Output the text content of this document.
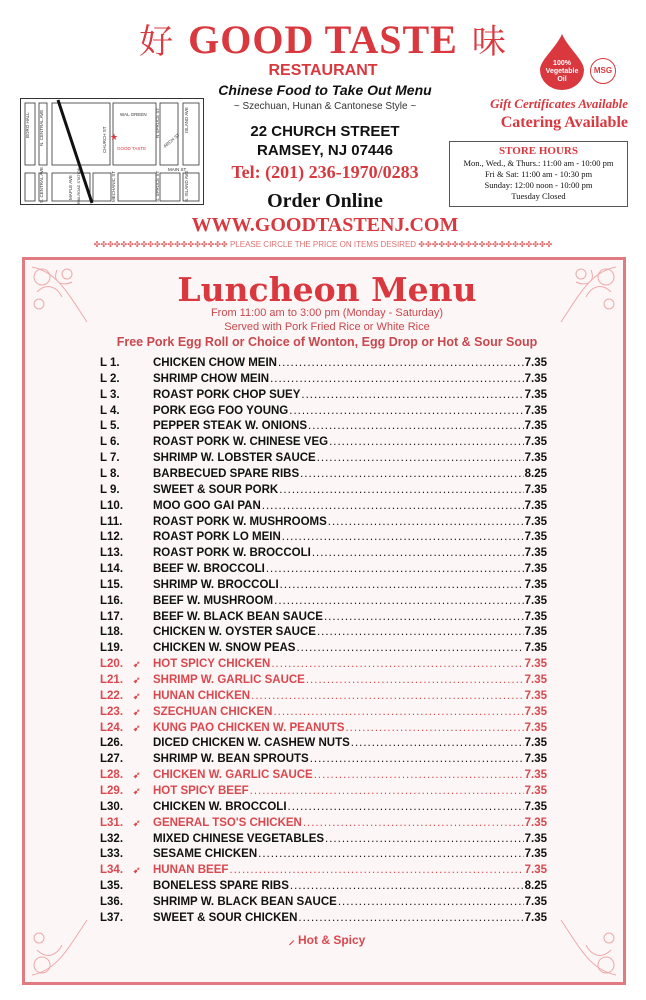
好 GOOD TASTE 味
RESTAURANT
Chinese Food to Take Out Menu
~ Szechuan, Hunan & Cantonese Style ~
22 CHURCH STREET
RAMSEY, NJ 07446
Tel: (201) 236-1970/0283
Order Online
WWW.GOODTASTENJ.COM
✤✤✤✤✤✤✤✤✤✤✤✤✤✤✤✤✤✤✤✤ PLEASE CIRCLE THE PRICE ON ITEMS DESIRED ✤✤✤✤✤✤✤✤✤✤✤✤✤✤✤✤✤✤✤✤
100% Vegetable Oil
MSG
Gift Certificates Available
Catering Available
STORE HOURS
Mon., Wed., & Thurs.: 11:00 am - 10:00 pm
Fri & Sat: 11:00 am - 10:30 pm
Sunday: 12:00 noon - 10:00 pm
Tuesday Closed
★
BORO HALL N. CENTRAL AVE
S. CENTRAL AVE	MAPLE AVE RAILROAD STATION
CHURCH ST
MECHANIC ST
WAL GREEN
GOOD TASTE
N SPRUCE ST
S. SPRUCE ST
ARCH ST
MAIN ST
ISLAND AVE
S. ISLAND AVE
Luncheon Menu
From 11:00 am to 3:00 pm (Monday - Saturday)
Served with Pork Fried Rice or White Rice
Free Pork Egg Roll or Choice of Wonton, Egg Drop or Hot & Sour Soup
L 1.	CHICKEN CHOW MEIN .....	7.35
L 2.	SHRIMP CHOW MEIN .....	7.35
L 3.	ROAST PORK CHOP SUEY .....	7.35
L 4.	PORK EGG FOO YOUNG .....	7.35
L 5.	PEPPER STEAK W. ONIONS .....	7.35
L 6.	ROAST PORK W. CHINESE VEG .....	7.35
L 7.	SHRIMP W. LOBSTER SAUCE .....	7.35
L 8.	BARBECUED SPARE RIBS .....	8.25
L 9.	SWEET & SOUR PORK .....	7.35
L10.	MOO GOO GAI PAN .....	7.35
L11.	ROAST PORK W. MUSHROOMS .....	7.35
L12.	ROAST PORK LO MEIN .....	7.35
L13.	ROAST PORK W. BROCCOLI .....	7.35
L14.	BEEF W. BROCCOLI .....	7.35
L15.	SHRIMP W. BROCCOLI .....	7.35
L16.	BEEF W. MUSHROOM .....	7.35
L17.	BEEF W. BLACK BEAN SAUCE .....	7.35
L18.	CHICKEN W. OYSTER SAUCE .....	7.35
L19.	CHICKEN W. SNOW PEAS .....	7.35
L20.	➹	HOT SPICY CHICKEN .....	7.35
L21.	➹	SHRIMP W. GARLIC SAUCE .....	7.35
L22.	➹	HUNAN CHICKEN .....	7.35
L23.	➹	SZECHUAN CHICKEN .....	7.35
L24.	➹	KUNG PAO CHICKEN W. PEANUTS .....	7.35
L26.	DICED CHICKEN W. CASHEW NUTS .....	7.35
L27.	SHRIMP W. BEAN SPROUTS .....	7.35
L28.	➹	CHICKEN W. GARLIC SAUCE .....	7.35
L29.	➹	HOT SPICY BEEF .....	7.35
L30.	CHICKEN W. BROCCOLI .....	7.35
L31.	➹	GENERAL TSO'S CHICKEN .....	7.35
L32.	MIXED CHINESE VEGETABLES .....	7.35
L33.	SESAME CHICKEN .....	7.35
L34.	➹	HUNAN BEEF .....	7.35
L35.	BONELESS SPARE RIBS .....	8.25
L36.	SHRIMP W. BLACK BEAN SAUCE .....	7.35
L37.	SWEET & SOUR CHICKEN .....	7.35
⸝ Hot & Spicy
